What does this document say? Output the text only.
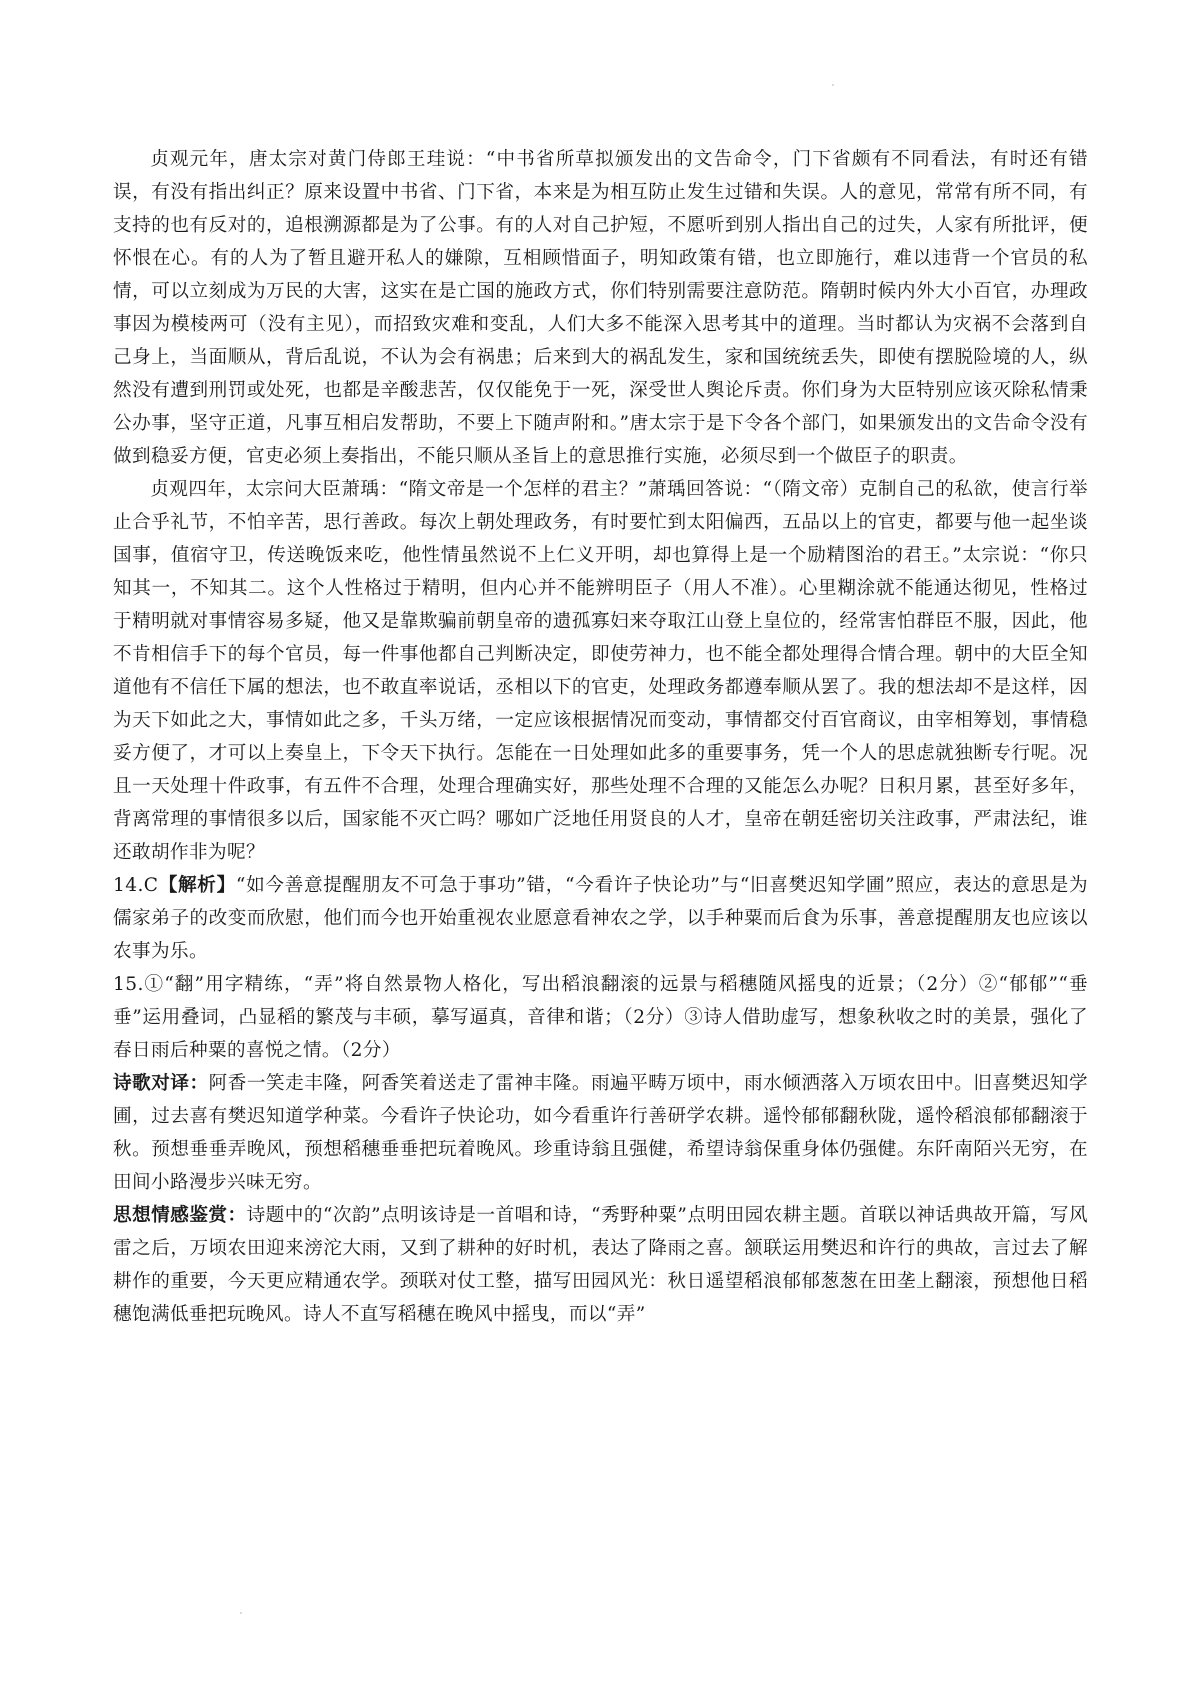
贞观元年，唐太宗对黄门侍郎王珪说：“中书省所草拟颁发出的文告命令，门下省颇有不同看法，有时还有错误，有没有指出纠正？原来设置中书省、门下省，本来是为相互防止发生过错和失误。人的意见，常常有所不同，有支持的也有反对的，追根溯源都是为了公事。有的人对自己护短，不愿听到别人指出自己的过失，人家有所批评，便怀恨在心。有的人为了暂且避开私人的嫌隙，互相顾惜面子，明知政策有错，也立即施行，难以违背一个官员的私情，可以立刻成为万民的大害，这实在是亡国的施政方式，你们特别需要注意防范。隋朝时候内外大小百官，办理政事因为模棱两可（没有主见），而招致灾难和变乱，人们大多不能深入思考其中的道理。当时都认为灾祸不会落到自己身上，当面顺从，背后乱说，不认为会有祸患；后来到大的祸乱发生，家和国统统丢失，即使有摆脱险境的人，纵然没有遭到刑罚或处死，也都是辛酸悲苦，仅仅能免于一死，深受世人舆论斥责。你们身为大臣特别应该灭除私情秉公办事，坚守正道，凡事互相启发帮助，不要上下随声附和。”唐太宗于是下令各个部门，如果颁发出的文告命令没有做到稳妥方便，官吏必须上奏指出，不能只顺从圣旨上的意思推行实施，必须尽到一个做臣子的职责。

贞观四年，太宗问大臣萧瑀：“隋文帝是一个怎样的君主？”萧瑀回答说：“（隋文帝）克制自己的私欲，使言行举止合乎礼节，不怕辛苦，思行善政。每次上朝处理政务，有时要忙到太阳偏西，五品以上的官吏，都要与他一起坐谈国事，值宿守卫，传送晚饭来吃，他性情虽然说不上仁义开明，却也算得上是一个励精图治的君王。”太宗说：“你只知其一，不知其二。这个人性格过于精明，但内心并不能辨明臣子（用人不准）。心里糊涂就不能通达彻见，性格过于精明就对事情容易多疑，他又是靠欺骗前朝皇帝的遗孤寡妇来夺取江山登上皇位的，经常害怕群臣不服，因此，他不肯相信手下的每个官员，每一件事他都自己判断决定，即使劳神力，也不能全都处理得合情合理。朝中的大臣全知道他有不信任下属的想法，也不敢直率说话，丞相以下的官吏，处理政务都遵奉顺从罢了。我的想法却不是这样，因为天下如此之大，事情如此之多，千头万绪，一定应该根据情况而变动，事情都交付百官商议，由宰相筹划，事情稳妥方便了，才可以上奏皇上，下令天下执行。怎能在一日处理如此多的重要事务，凭一个人的思虑就独断专行呢。况且一天处理十件政事，有五件不合理，处理合理确实好，那些处理不合理的又能怎么办呢？日积月累，甚至好多年，背离常理的事情很多以后，国家能不灭亡吗？哪如广泛地任用贤良的人才，皇帝在朝廷密切关注政事，严肃法纪，谁还敢胡作非为呢？

14.C【解析】“如今善意提醒朋友不可急于事功”错，“今看许子快论功”与“旧喜樊迟知学圃”照应，表达的意思是为儒家弟子的改变而欣慰，他们而今也开始重视农业愿意看神农之学，以手种粟而后食为乐事，善意提醒朋友也应该以农事为乐。

15.①“翻”用字精练，“弄”将自然景物人格化，写出稻浪翻滚的远景与稻穗随风摇曳的近景；（2分）②“郁郁”“垂垂”运用叠词，凸显稻的繁茂与丰硕，摹写逼真，音律和谐；（2分）③诗人借助虚写，想象秋收之时的美景，强化了春日雨后种粟的喜悦之情。（2分）

诗歌对译：阿香一笑走丰隆，阿香笑着送走了雷神丰隆。雨遍平畴万顷中，雨水倾洒落入万顷农田中。旧喜樊迟知学圃，过去喜有樊迟知道学种菜。今看许子快论功，如今看重许行善研学农耕。遥怜郁郁翻秋陇，遥怜稻浪郁郁翻滚于秋。预想垂垂弄晚风，预想稻穗垂垂把玩着晚风。珍重诗翁且强健，希望诗翁保重身体仍强健。东阡南陌兴无穷，在田间小路漫步兴味无穷。

思想情感鉴赏：诗题中的“次韵”点明该诗是一首唱和诗，“秀野种粟”点明田园农耕主题。首联以神话典故开篇，写风雷之后，万顷农田迎来滂沱大雨，又到了耕种的好时机，表达了降雨之喜。颔联运用樊迟和许行的典故，言过去了解耕作的重要，今天更应精通农学。颈联对仗工整，描写田园风光：秋日遥望稻浪郁郁葱葱在田垄上翻滚，预想他日稻穗饱满低垂把玩晚风。诗人不直写稻穗在晚风中摇曳，而以“弄”
